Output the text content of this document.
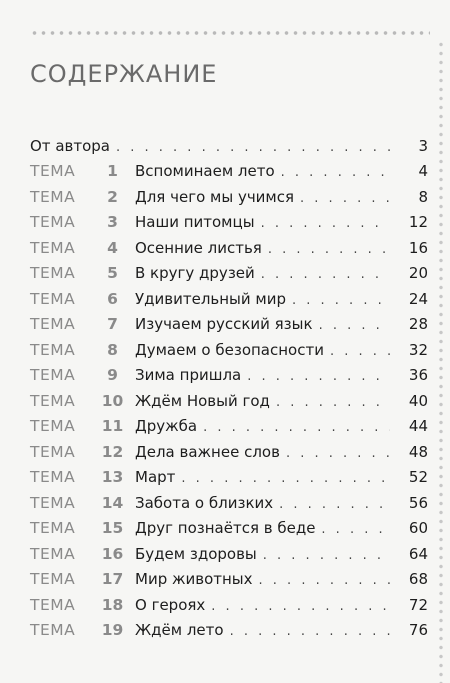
СОДЕРЖАНИЕ
От автора . . .	3
ТЕМА	1	Вспоминаем лето . . .	4
ТЕМА	2	Для чего мы учимся . . .	8
ТЕМА	3	Наши питомцы . . .	12
ТЕМА	4	Осенние листья . . .	16
ТЕМА	5	В кругу друзей . . .	20
ТЕМА	6	Удивительный мир . . .	24
ТЕМА	7	Изучаем русский язык . . .	28
ТЕМА	8	Думаем о безопасности . . .	32
ТЕМА	9	Зима пришла . . .	36
ТЕМА	10 Ждём Новый год . . .	40
ТЕМА	11 Дружба . . .	44
ТЕМА	12 Дела важнее слов . . .	48
ТЕМА	13 Март . . .	52
ТЕМА	14 Забота о близких . . .	56
ТЕМА	15 Друг познаётся в беде . . .	60
ТЕМА	16 Будем здоровы . . .	64
ТЕМА	17 Мир животных . . .	68
ТЕМА	18 О героях . . .	72
ТЕМА	19 Ждём лето . . .	76
